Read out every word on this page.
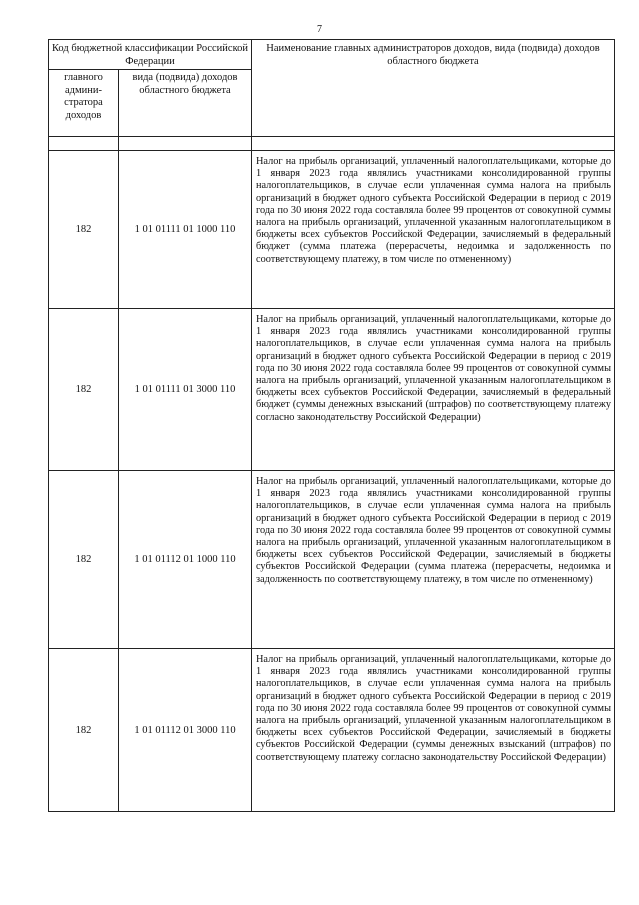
7
Код бюджетной классификации Российской Федерации		Наименование главных администраторов доходов, вида (подвида) доходов областного бюджета
главного админи-стратора доходов	вида (подвида) доходов областного бюджета	

182	1 01 01111 01 1000 110	Налог на прибыль организаций, уплаченный налогоплательщиками, которые до 1 января 2023 года являлись участниками консолидированной группы налогоплательщиков, в случае если уплаченная сумма налога на прибыль организаций в бюджет одного субъекта Российской Федерации в период с 2019 года по 30 июня 2022 года составляла более 99 процентов от совокупной суммы налога на прибыль организаций, уплаченной указанным налогоплательщиком в бюджеты всех субъектов Российской Федерации, зачисляемый в федеральный бюджет (сумма платежа (перерасчеты, недоимка и задолженность по соответствующему платежу, в том числе по отмененному)
182	1 01 01111 01 3000 110	Налог на прибыль организаций, уплаченный налогоплательщиками, которые до 1 января 2023 года являлись участниками консолидированной группы налогоплательщиков, в случае если уплаченная сумма налога на прибыль организаций в бюджет одного субъекта Российской Федерации в период с 2019 года по 30 июня 2022 года составляла более 99 процентов от совокупной суммы налога на прибыль организаций, уплаченной указанным налогоплательщиком в бюджеты всех субъектов Российской Федерации, зачисляемый в федеральный бюджет (суммы денежных взысканий (штрафов) по соответствующему платежу согласно законодательству Российской Федерации)
182	1 01 01112 01 1000 110	Налог на прибыль организаций, уплаченный налогоплательщиками, которые до 1 января 2023 года являлись участниками консолидированной группы налогоплательщиков, в случае если уплаченная сумма налога на прибыль организаций в бюджет одного субъекта Российской Федерации в период с 2019 года по 30 июня 2022 года составляла более 99 процентов от совокупной суммы налога на прибыль организаций, уплаченной указанным налогоплательщиком в бюджеты всех субъектов Российской Федерации, зачисляемый в бюджеты субъектов Российской Федерации (сумма платежа (перерасчеты, недоимка и задолженность по соответствующему платежу, в том числе по отмененному)
182	1 01 01112 01 3000 110	Налог на прибыль организаций, уплаченный налогоплательщиками, которые до 1 января 2023 года являлись участниками консолидированной группы налогоплательщиков, в случае если уплаченная сумма налога на прибыль организаций в бюджет одного субъекта Российской Федерации в период с 2019 года по 30 июня 2022 года составляла более 99 процентов от совокупной суммы налога на прибыль организаций, уплаченной указанным налогоплательщиком в бюджеты всех субъектов Российской Федерации, зачисляемый в бюджеты субъектов Российской Федерации (суммы денежных взысканий (штрафов) по соответствующему платежу согласно законодательству Российской Федерации)
